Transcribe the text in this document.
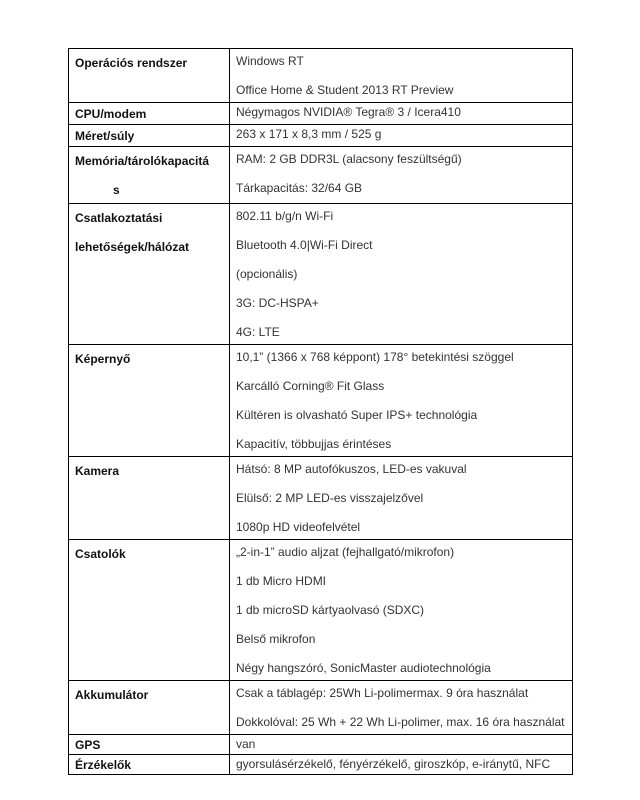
Operációs rendszer	Windows RT
Office Home & Student 2013 RT Preview

CPU/modem	Négymagos NVIDIA® Tegra® 3 / Icera410

Méret/súly	263 x 171 x 8,3 mm / 525 g

Memória/tárolókapacitá
s	RAM: 2 GB DDR3L (alacsony feszültségű)
Tárkapacitás: 32/64 GB

Csatlakoztatási
lehetőségek/hálózat	802.11 b/g/n Wi-Fi
Bluetooth 4.0|Wi-Fi Direct
(opcionális)
3G: DC-HSPA+
4G: LTE

Képernyő	10,1” (1366 x 768 képpont) 178° betekintési szöggel
Karcálló Corning® Fit Glass
Kültéren is olvasható Super IPS+ technológia
Kapacitív, többujjas érintéses

Kamera	Hátsó: 8 MP autofókuszos, LED-es vakuval
Elülső: 2 MP LED-es visszajelzővel
1080p HD videofelvétel

Csatolók	„2-in-1” audio aljzat (fejhallgató/mikrofon)
1 db Micro HDMI
1 db microSD kártyaolvasó (SDXC)
Belső mikrofon
Négy hangszóró, SonicMaster audiotechnológia

Akkumulátor	Csak a táblagép: 25Wh Li-polimermax. 9 óra használat
Dokkolóval: 25 Wh + 22 Wh Li-polimer, max. 16 óra használat

GPS	van

Érzékelők	gyorsulásérzékelő, fényérzékelő, giroszkóp, e-iránytű, NFC
